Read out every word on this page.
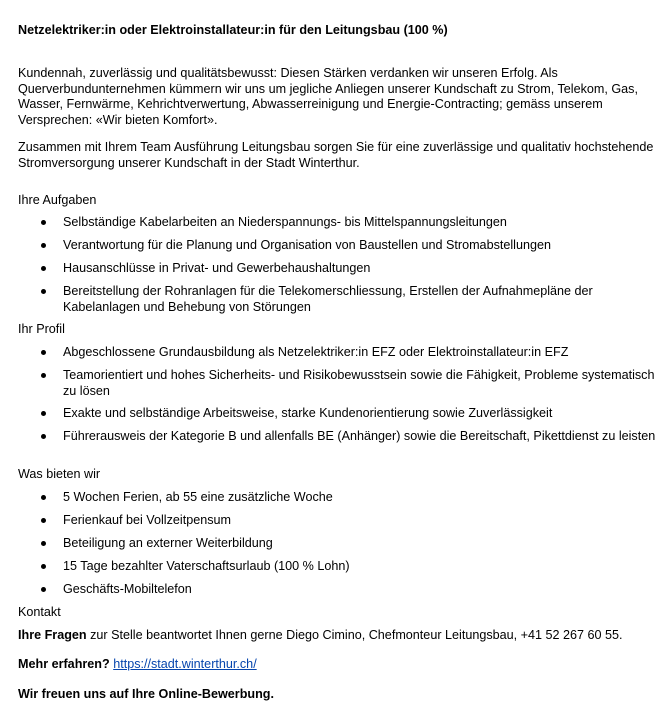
Netzelektriker:in oder Elektroinstallateur:in für den Leitungsbau (100 %)

Kundennah, zuverlässig und qualitätsbewusst: Diesen Stärken verdanken wir unseren Erfolg. Als Querverbundunternehmen kümmern wir uns um jegliche Anliegen unserer Kundschaft zu Strom, Telekom, Gas, Wasser, Fernwärme, Kehrichtverwertung, Abwasserreinigung und Energie-Contracting; gemäss unserem Versprechen: «Wir bieten Komfort».

Zusammen mit Ihrem Team Ausführung Leitungsbau sorgen Sie für eine zuverlässige und qualitativ hochstehende Stromversorgung unserer Kundschaft in der Stadt Winterthur.

Ihre Aufgaben
Selbständige Kabelarbeiten an Niederspannungs- bis Mittelspannungsleitungen
Verantwortung für die Planung und Organisation von Baustellen und Stromabstellungen
Hausanschlüsse in Privat- und Gewerbehaushaltungen
Bereitstellung der Rohranlagen für die Telekomerschliessung, Erstellen der Aufnahmepläne der Kabelanlagen und Behebung von Störungen
Ihr Profil
Abgeschlossene Grundausbildung als Netzelektriker:in EFZ oder Elektroinstallateur:in EFZ
Teamorientiert und hohes Sicherheits- und Risikobewusstsein sowie die Fähigkeit, Probleme systematisch zu lösen
Exakte und selbständige Arbeitsweise, starke Kundenorientierung sowie Zuverlässigkeit
Führerausweis der Kategorie B und allenfalls BE (Anhänger) sowie die Bereitschaft, Pikettdienst zu leisten
Was bieten wir
5 Wochen Ferien, ab 55 eine zusätzliche Woche
Ferienkauf bei Vollzeitpensum
Beteiligung an externer Weiterbildung
15 Tage bezahlter Vaterschaftsurlaub (100 % Lohn)
Geschäfts-Mobiltelefon
Kontakt
Ihre Fragen zur Stelle beantwortet Ihnen gerne Diego Cimino, Chefmonteur Leitungsbau, +41 52 267 60 55.
Mehr erfahren? https://stadt.winterthur.ch/
Wir freuen uns auf Ihre Online-Bewerbung.
